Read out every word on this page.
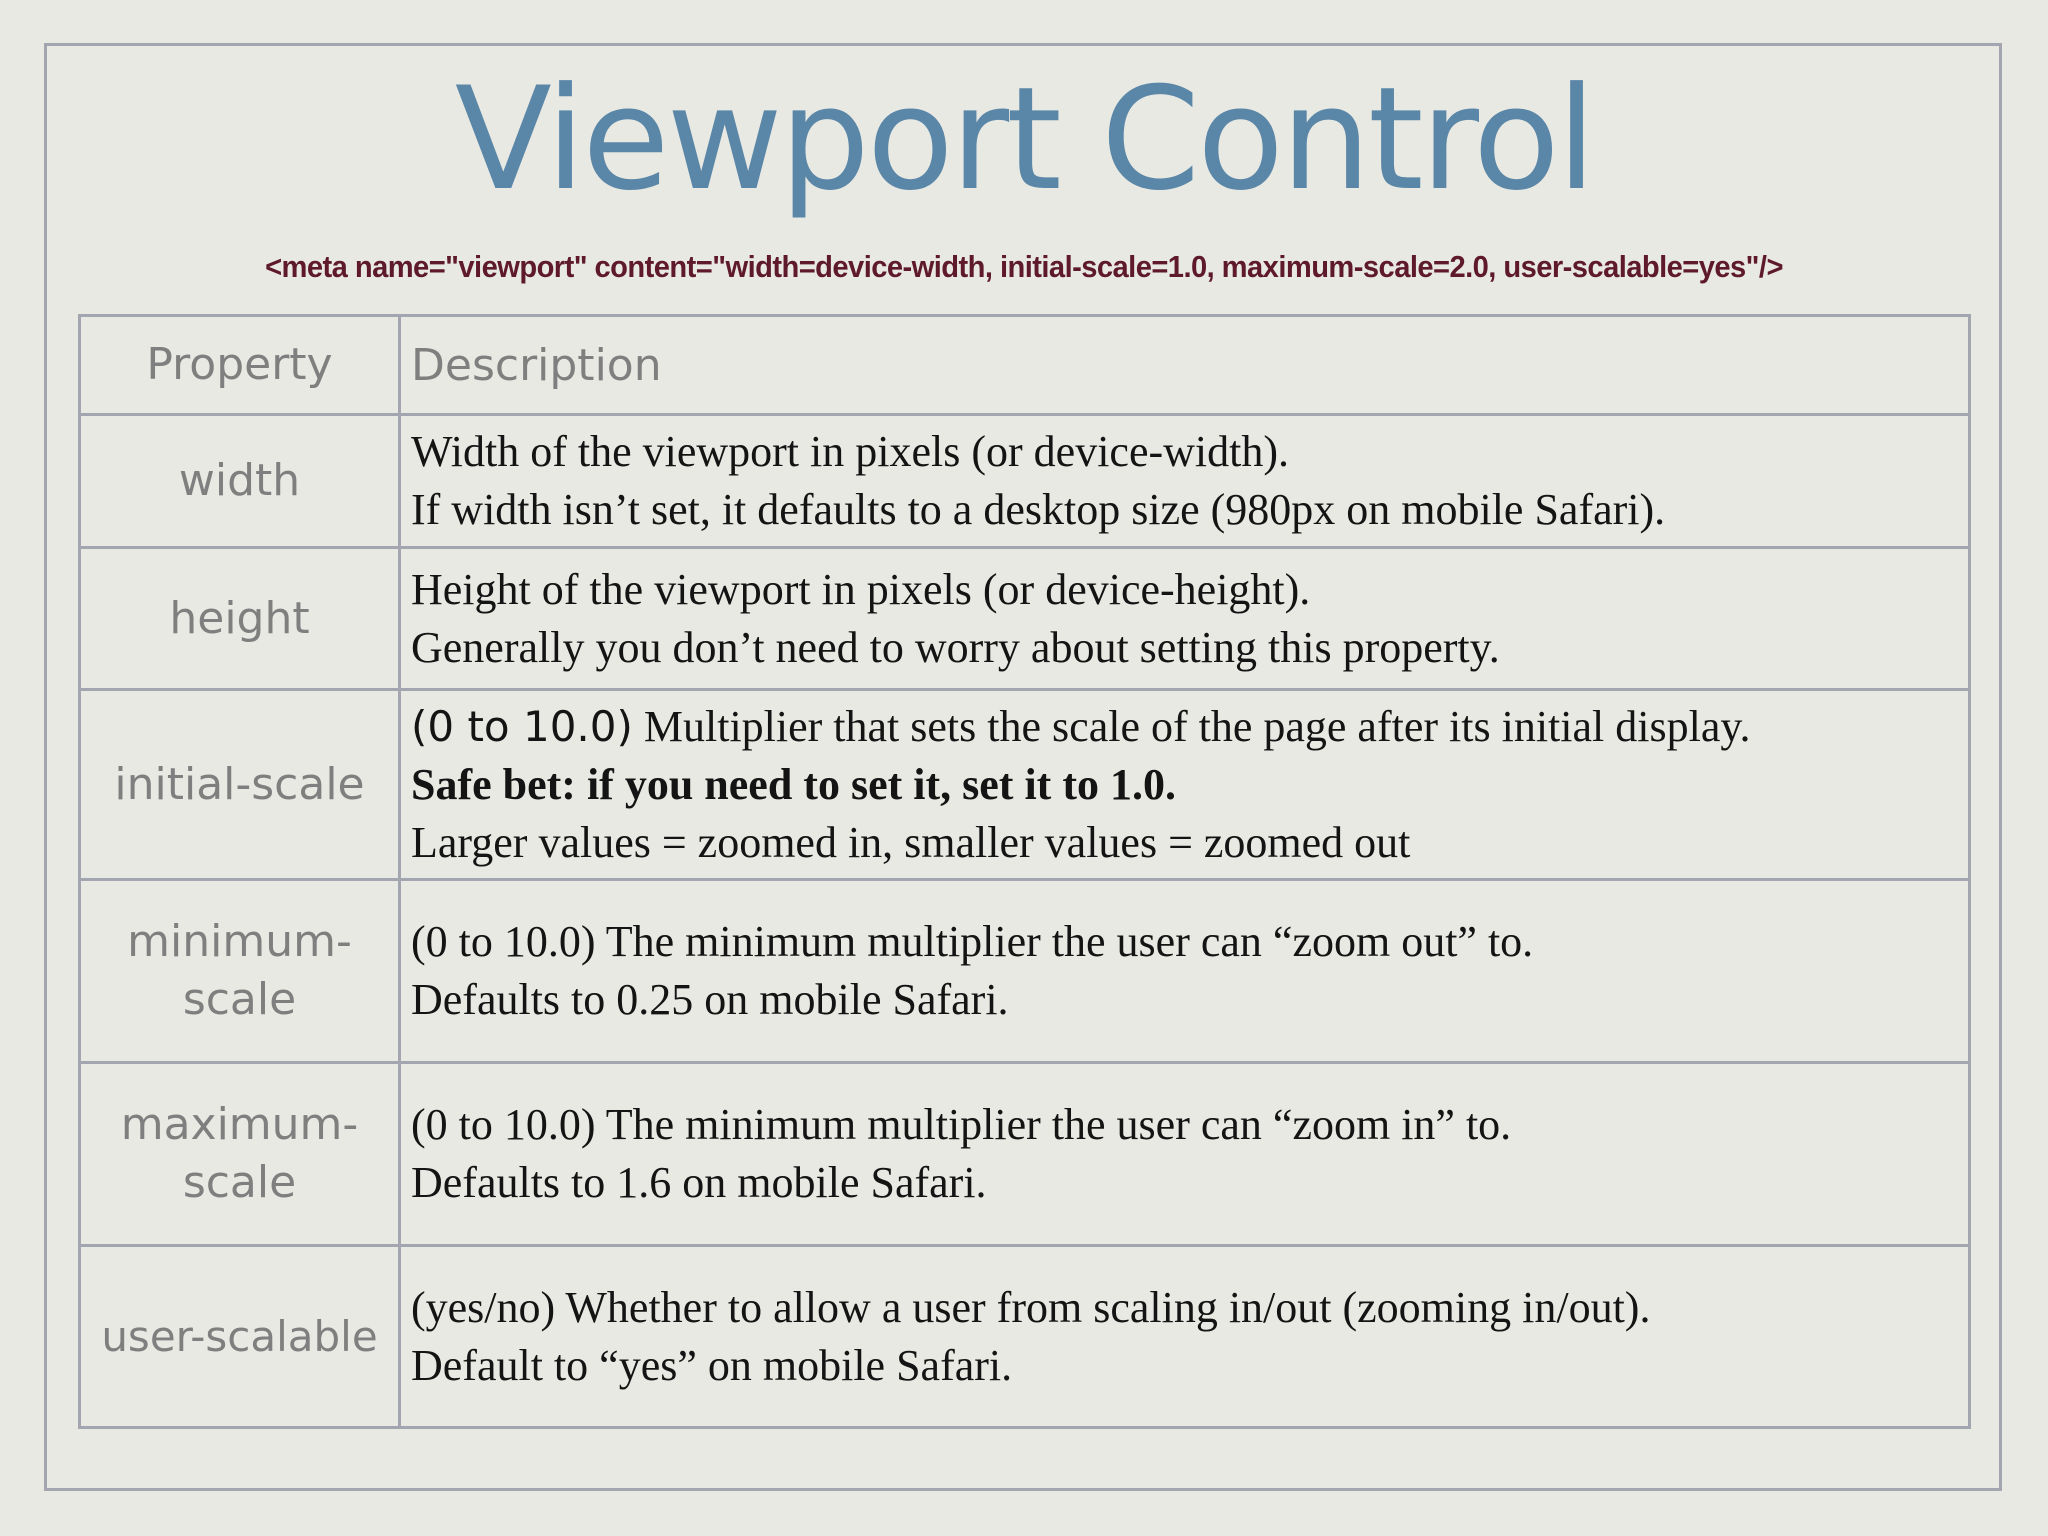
Viewport Control
<meta name="viewport" content="width=device-width, initial-scale=1.0, maximum-scale=2.0, user-scalable=yes"/>
Property	Description
width	Width of the viewport in pixels (or device-width).
If width isn’t set, it defaults to a desktop size (980px on mobile Safari).

height	Height of the viewport in pixels (or device-height).
Generally you don’t need to worry about setting this property.

initial-scale	(0 to 10.0) Multiplier that sets the scale of the page after its initial display.
Safe bet: if you need to set it, set it to 1.0.
Larger values = zoomed in, smaller values = zoomed out

minimum-
scale	(0 to 10.0) The minimum multiplier the user can “zoom out” to.
Defaults to 0.25 on mobile Safari.

maximum-
scale	(0 to 10.0) The minimum multiplier the user can “zoom in” to.
Defaults to 1.6 on mobile Safari.

user-scalable	(yes/no) Whether to allow a user from scaling in/out (zooming in/out).
Default to “yes” on mobile Safari.
